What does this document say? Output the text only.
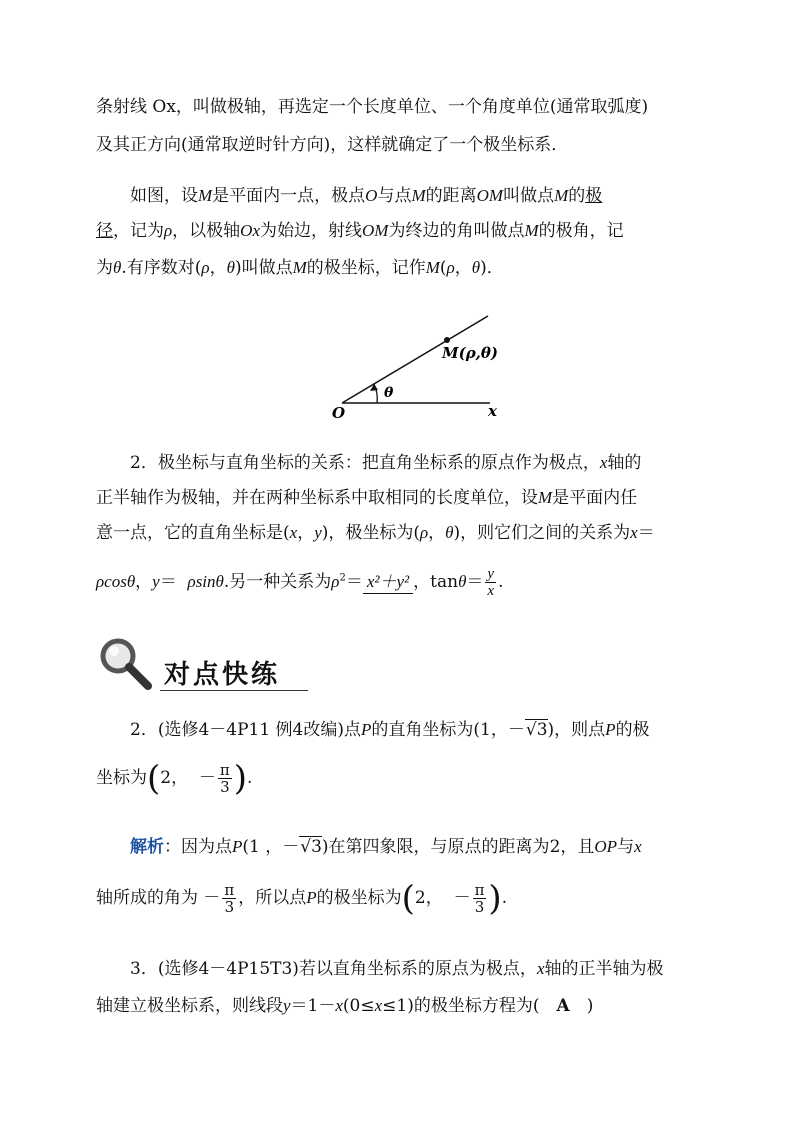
条射线 Ox，叫做极轴，再选定一个长度单位、一个角度单位(通常取弧度)
及其正方向(通常取逆时针方向)，这样就确定了一个极坐标系．
如图，设M是平面内一点，极点O与点M的距离OM叫做点M的极
径，记为ρ，以极轴Ox为始边，射线OM为终边的角叫做点M的极角，记
为θ.有序数对(ρ，θ)叫做点M的极坐标，记作M(ρ，θ)．
M(ρ,θ)
θ
O	x
2．极坐标与直角坐标的关系：把直角坐标系的原点作为极点，x轴的
正半轴作为极轴，并在两种坐标系中取相同的长度单位，设M是平面内任
意一点，它的直角坐标是(x，y)，极坐标为(ρ，θ)，则它们之间的关系为x＝
ρcosθ，y＝ ρsinθ.另一种关系为$\rho^2= x^2+y^2$ ，$\tan\theta= \frac{y}{x}$ .
对点快练
2．(选修4－4P11 例4改编)点P的直角坐标为(1，－√3)，则点P的极
坐标为(2， － $\frac{\pi}{3}$ ).
解析：因为点P(1 ，－√3)在第四象限，与原点的距离为2，且OP与x
轴所成的角为 － $\frac{\pi}{3}$ ，所以点P的极坐标为(2， － $\frac{\pi}{3}$ ).
3．(选修4－4P15T3)若以直角坐标系的原点为极点，x轴的正半轴为极
轴建立极坐标系，则线段y＝1－x(0≤x≤1)的极坐标方程为(　A　)
